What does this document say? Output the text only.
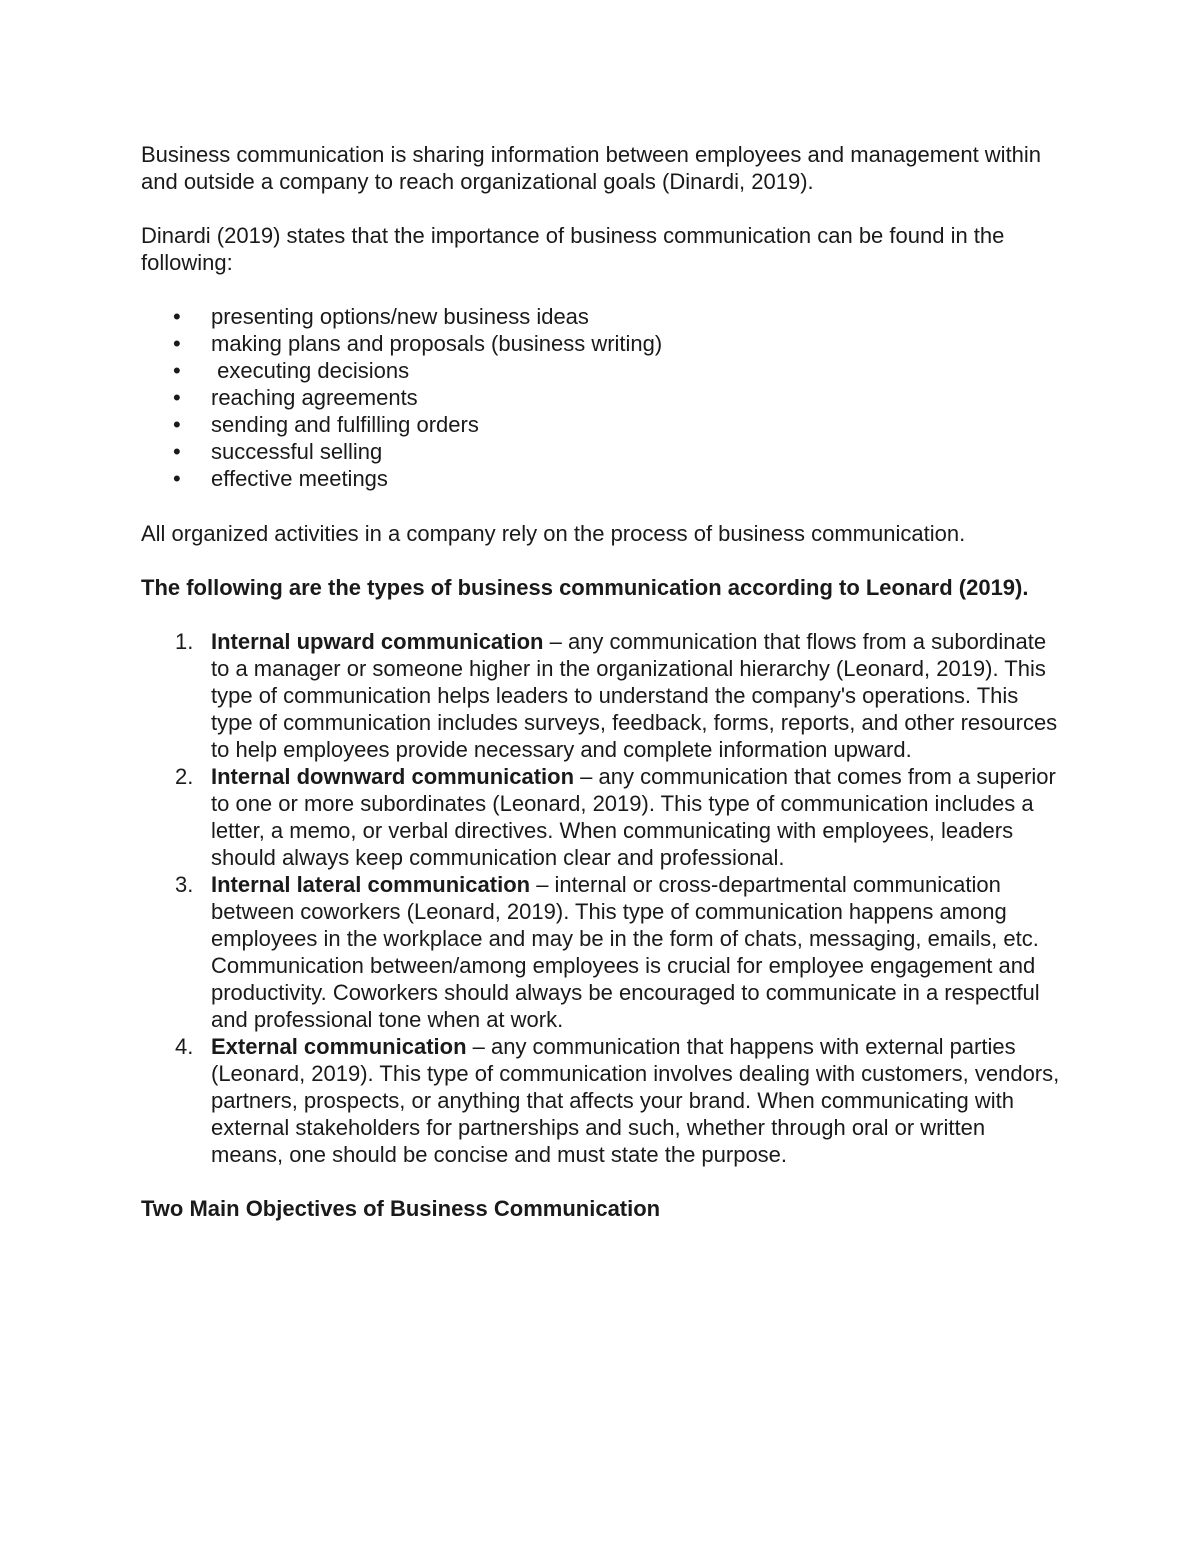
Business communication is sharing information between employees and management within and outside a company to reach organizational goals (Dinardi, 2019).

Dinardi (2019) states that the importance of business communication can be found in the following:

• presenting options/new business ideas
• making plans and proposals (business writing)
• executing decisions
• reaching agreements
• sending and fulfilling orders
• successful selling
• effective meetings

All organized activities in a company rely on the process of business communication.

The following are the types of business communication according to Leonard (2019).

1. Internal upward communication – any communication that flows from a subordinate to a manager or someone higher in the organizational hierarchy (Leonard, 2019). This type of communication helps leaders to understand the company's operations. This type of communication includes surveys, feedback, forms, reports, and other resources to help employees provide necessary and complete information upward.
2. Internal downward communication – any communication that comes from a superior to one or more subordinates (Leonard, 2019). This type of communication includes a letter, a memo, or verbal directives. When communicating with employees, leaders should always keep communication clear and professional.
3. Internal lateral communication – internal or cross-departmental communication between coworkers (Leonard, 2019). This type of communication happens among employees in the workplace and may be in the form of chats, messaging, emails, etc. Communication between/among employees is crucial for employee engagement and productivity. Coworkers should always be encouraged to communicate in a respectful and professional tone when at work.
4. External communication – any communication that happens with external parties (Leonard, 2019). This type of communication involves dealing with customers, vendors, partners, prospects, or anything that affects your brand. When communicating with external stakeholders for partnerships and such, whether through oral or written means, one should be concise and must state the purpose.

Two Main Objectives of Business Communication
